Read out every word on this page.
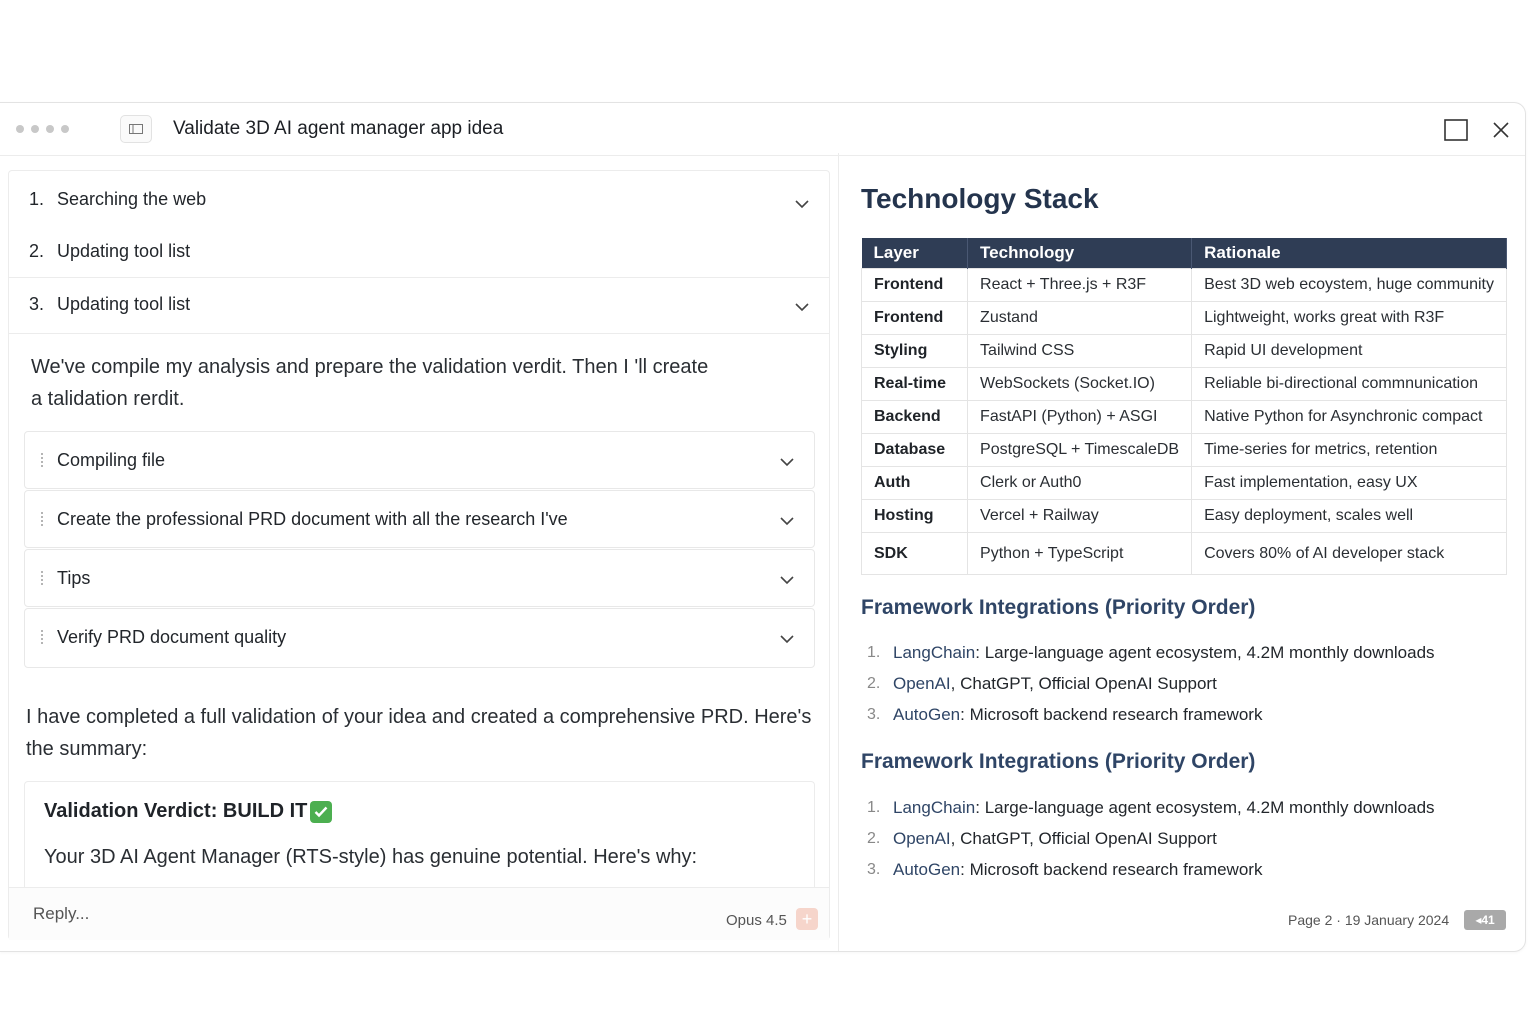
Validate 3D AI agent manager app idea
1. Searching the web
2. Updating tool list
3. Updating tool list
We've compile my analysis and prepare the validation verdit. Then I 'll create a talidation rerdit.
Compiling file
Create the professional PRD document with all the research I've
Tips
Verify PRD document quality
I have completed a full validation of your idea and created a comprehensive PRD. Here's the summary:
Validation Verdict: BUILD IT
Your 3D AI Agent Manager (RTS-style) has genuine potential. Here's why:
Reply...	Opus 4.5 +
Technology Stack
Layer	Technology	Rationale
Frontend	React + Three.js + R3F	Best 3D web ecoystem, huge community
Frontend	Zustand	Lightweight, works great with R3F
Styling	Tailwind CSS	Rapid UI development
Real-time	WebSockets (Socket.IO)	Reliable bi-directional commnunication
Backend	FastAPI (Python) + ASGI	Native Python for Asynchronic compact
Database	PostgreSQL + TimescaleDB	Time-series for metrics, retention
Auth	Clerk or Auth0	Fast implementation, easy UX
Hosting	Vercel + Railway	Easy deployment, scales well
SDK	Python + TypeScript	Covers 80% of AI developer stack
Framework Integrations (Priority Order)
1. LangChain : Large-language agent ecosystem, 4.2M monthly downloads
2. OpenAI , ChatGPT, Official OpenAI Support
3. AutoGen : Microsoft backend research framework
Framework Integrations (Priority Order)
1. LangChain : Large-language agent ecosystem, 4.2M monthly downloads
2. OpenAI , ChatGPT, Official OpenAI Support
3. AutoGen : Microsoft backend research framework
Page 2 · 19 January 2024	◂41
